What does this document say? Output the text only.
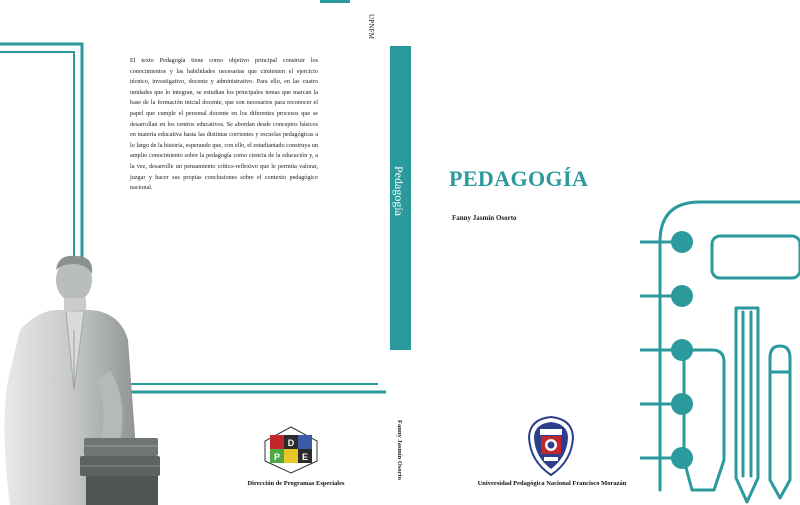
El texto Pedagogía tiene como objetivo principal construir los conocimientos y las habilidades necesarias que cimienten el ejercicio técnico, investigativo, docente y administrativo. Para ello, en las cuatro unidades que lo integran, se estudian los principales temas que marcan la base de la formación inicial docente, que son necesarios para reconocer el papel que cumple el personal docente en los diferentes procesos que se desarrollan en los centros educativos. Se abordan desde conceptos básicos en materia educativa hasta las distintas corrientes y escuelas pedagógicas a lo largo de la historia, esperando que, con ello, el estudiantado construya un amplio conocimiento sobre la pedagogía como ciencia de la educación y, a la vez, desarrolle un pensamiento crítico-reflexivo que le permita valorar, juzgar y hacer sus propias conclusiones sobre el contexto pedagógico nacional.
D
P E
Dirección de Programas Especiales
UPNFM
Pedagogía
Fanny Jasmín Osorto
PEDAGOGÍA
Fanny Jasmín Osorto
Universidad Pedagógica Nacional Francisco Morazán
